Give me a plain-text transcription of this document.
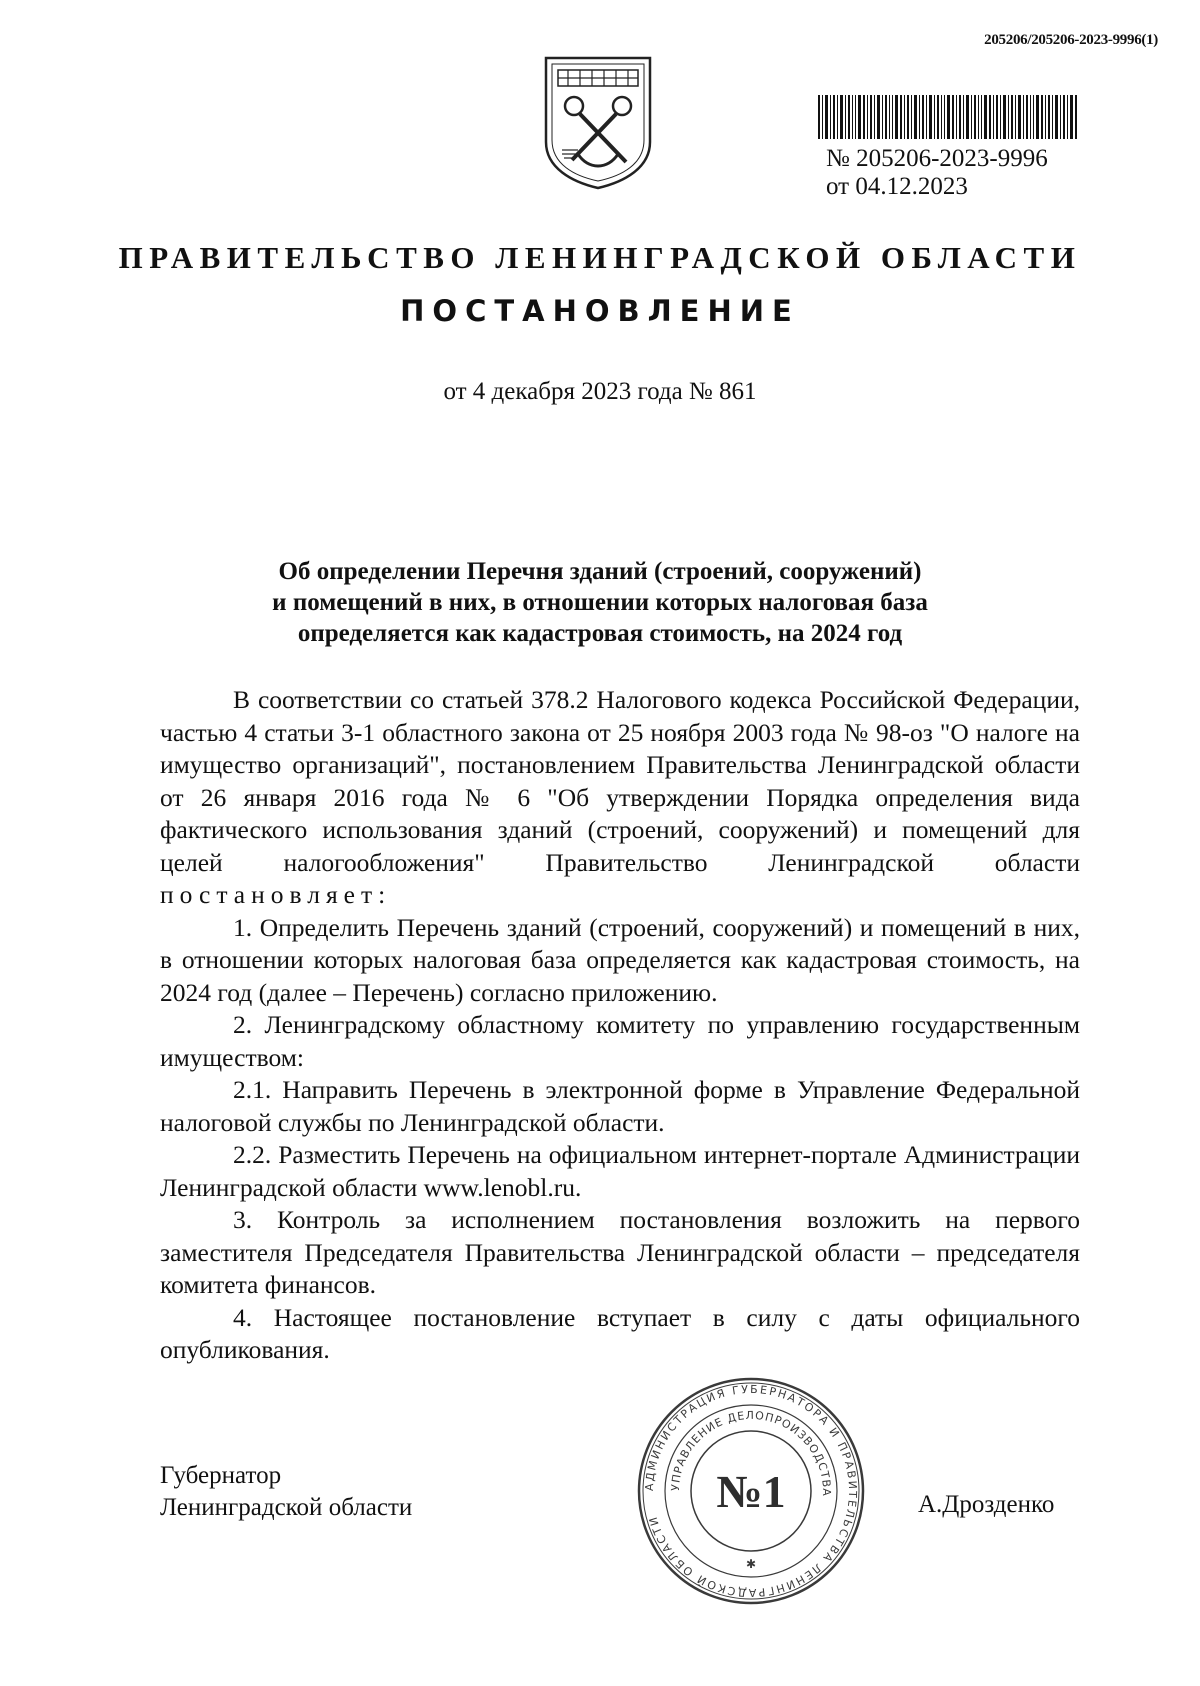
205206/205206-2023-9996(1)
№ 205206-2023-9996
от 04.12.2023
ПРАВИТЕЛЬСТВО ЛЕНИНГРАДСКОЙ ОБЛАСТИ
ПОСТАНОВЛЕНИЕ
от 4 декабря 2023 года № 861
Об определении Перечня зданий (строений, сооружений)
и помещений в них, в отношении которых налоговая база
определяется как кадастровая стоимость, на 2024 год

В соответствии со статьей 378.2 Налогового кодекса Российской Федерации, частью 4 статьи 3-1 областного закона от 25 ноября 2003 года № 98-оз "О налоге на имущество организаций", постановлением Правительства Ленинградской области от 26 января 2016 года № 6 "Об утверждении Порядка определения вида фактического использования зданий (строений, сооружений) и помещений для целей налогообложения" Правительство Ленинградской области постановляет:

1. Определить Перечень зданий (строений, сооружений) и помещений в них, в отношении которых налоговая база определяется как кадастровая стоимость, на 2024 год (далее – Перечень) согласно приложению.

2. Ленинградскому областному комитету по управлению государственным имуществом:

2.1. Направить Перечень в электронной форме в Управление Федеральной налоговой службы по Ленинградской области.

2.2. Разместить Перечень на официальном интернет-портале Администрации Ленинградской области www.lenobl.ru.

3. Контроль за исполнением постановления возложить на первого заместителя Председателя Правительства Ленинградской области – председателя комитета финансов.

4. Настоящее постановление вступает в силу с даты официального опубликования.

Губернатор
Ленинградской области	А.Дрозденко
АДМИНИСТРАЦИЯ ГУБЕРНАТОРА И ПРАВИТЕЛЬСТВА ЛЕНИНГРАДСКОЙ ОБЛАСТИ
УПРАВЛЕНИЕ ДЕЛОПРОИЗВОДСТВА
№1
✱
